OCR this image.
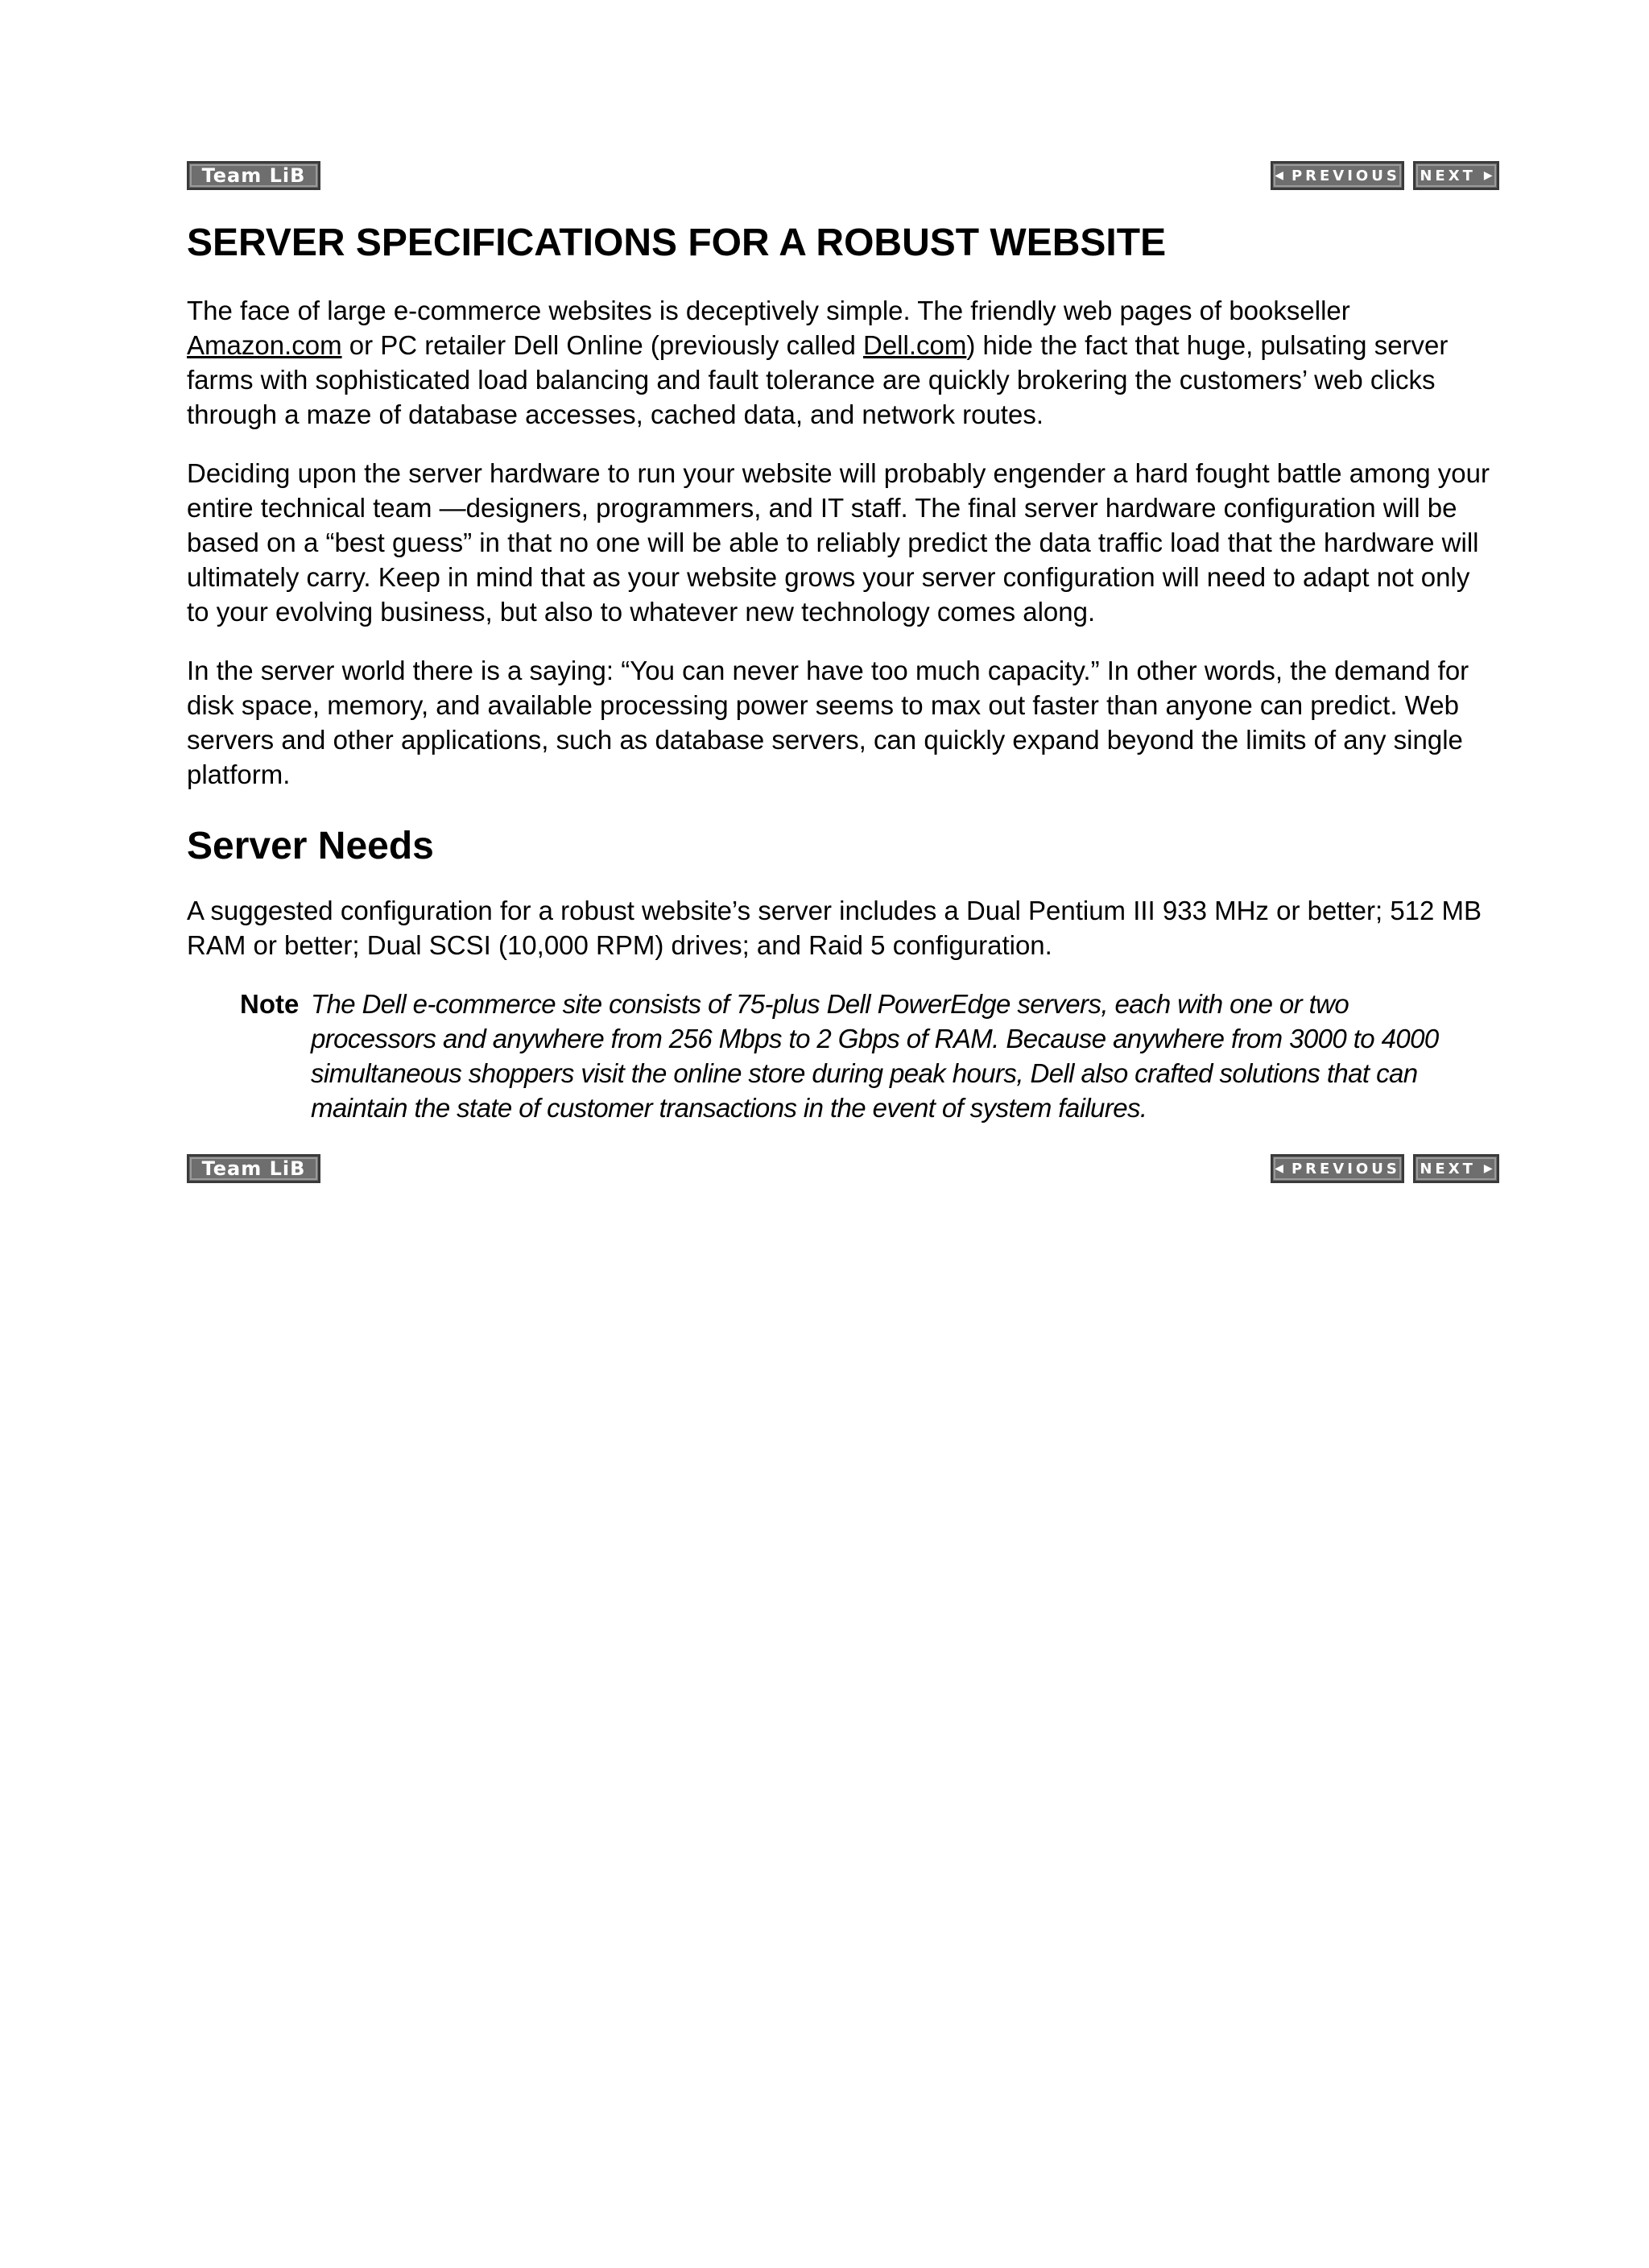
Team LiB	◀ PREVIOUS NEXT ▶
SERVER SPECIFICATIONS FOR A ROBUST WEBSITE

The face of large e-commerce websites is deceptively simple. The friendly web pages of bookseller Amazon.com or PC retailer Dell Online (previously called Dell.com) hide the fact that huge, pulsating server farms with sophisticated load balancing and fault tolerance are quickly brokering the customers’ web clicks through a maze of database accesses, cached data, and network routes.

Deciding upon the server hardware to run your website will probably engender a hard fought battle among your entire technical team —designers, programmers, and IT staff. The final server hardware configuration will be based on a “best guess” in that no one will be able to reliably predict the data traffic load that the hardware will ultimately carry. Keep in mind that as your website grows your server configuration will need to adapt not only to your evolving business, but also to whatever new technology comes along.

In the server world there is a saying: “You can never have too much capacity.” In other words, the demand for disk space, memory, and available processing power seems to max out faster than anyone can predict. Web servers and other applications, such as database servers, can quickly expand beyond the limits of any single platform.

Server Needs

A suggested configuration for a robust website’s server includes a Dual Pentium III 933 MHz or better; 512 MB RAM or better; Dual SCSI (10,000 RPM) drives; and Raid 5 configuration.

Note The Dell e-commerce site consists of 75-plus Dell PowerEdge servers, each with one or two processors and anywhere from 256 Mbps to 2 Gbps of RAM. Because anywhere from 3000 to 4000 simultaneous shoppers visit the online store during peak hours, Dell also crafted solutions that can maintain the state of customer transactions in the event of system failures.
Team LiB	◀ PREVIOUS NEXT ▶
